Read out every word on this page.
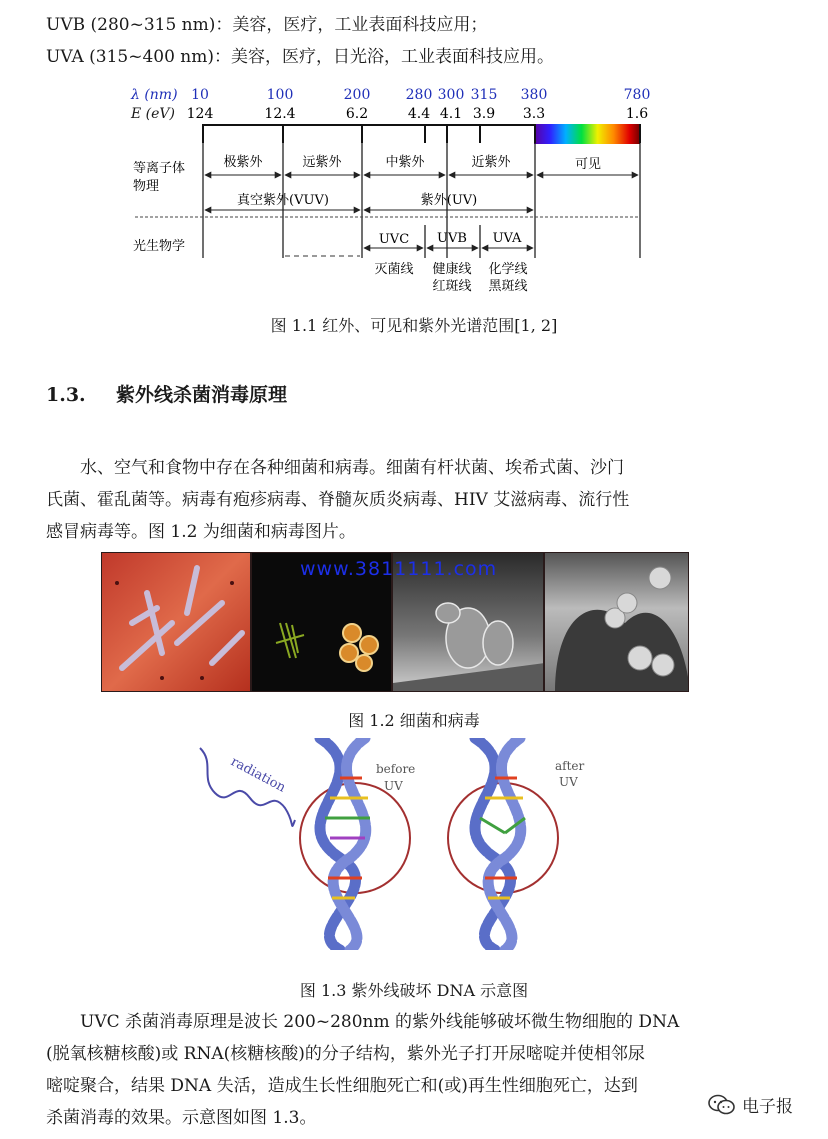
UVB (280~315 nm)：美容，医疗，工业表面科技应用；
UVA (315~400 nm)：美容，医疗，日光浴，工业表面科技应用。
λ (nm)
E (eV)
10	100	200	280 300 315 380	780
124	12.4	6.2	4.4 4.1 3.9 3.3	1.6
等离子体
物理
光生物学
极紫外	远紫外	中紫外	近紫外	可见
真空紫外(VUV)	紫外(UV)
UVC UVB UVA
灭菌线 健康线
红斑线
化学线
黑斑线
图 1.1 红外、可见和紫外光谱范围[1, 2]
1.3. 紫外线杀菌消毒原理

水、空气和食物中存在各种细菌和病毒。细菌有杆状菌、埃希式菌、沙门

氏菌、霍乱菌等。病毒有疱疹病毒、脊髓灰质炎病毒、HIV 艾滋病毒、流行性

感冒病毒等。图 1.2 为细菌和病毒图片。

www.3811111.com
图 1.2 细菌和病毒
radiation	before
UV
after
UV
图 1.3 紫外线破坏 DNA 示意图

UVC 杀菌消毒原理是波长 200~280nm 的紫外线能够破坏微生物细胞的 DNA

(脱氧核糖核酸)或 RNA(核糖核酸)的分子结构，紫外光子打开尿嘧啶并使相邻尿

嘧啶聚合，结果 DNA 失活，造成生长性细胞死亡和(或)再生性细胞死亡，达到

杀菌消毒的效果。示意图如图 1.3。

电子报
